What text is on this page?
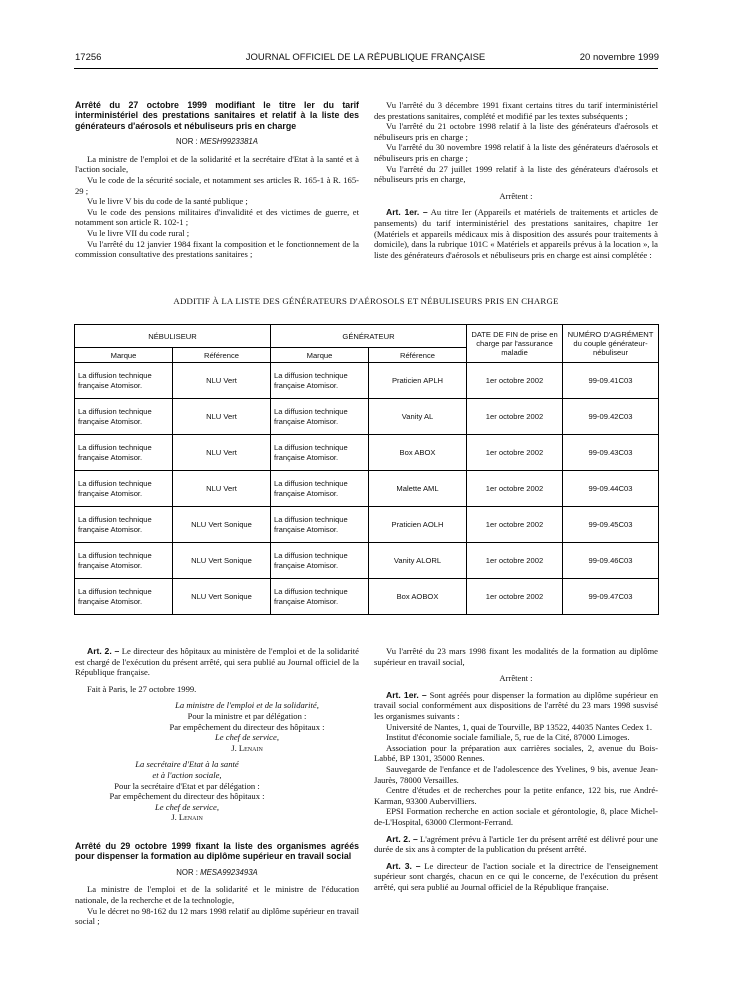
17256	JOURNAL OFFICIEL DE LA RÉPUBLIQUE FRANÇAISE	20 novembre 1999
Arrêté du 27 octobre 1999 modifiant le titre Ier du tarif interministériel des prestations sanitaires et relatif à la liste des générateurs d'aérosols et nébuliseurs pris en charge
NOR : MESH9923381A

La ministre de l'emploi et de la solidarité et la secrétaire d'Etat à la santé et à l'action sociale,

Vu le code de la sécurité sociale, et notamment ses articles R. 165-1 à R. 165-29 ;

Vu le livre V bis du code de la santé publique ;

Vu le code des pensions militaires d'invalidité et des victimes de guerre, et notamment son article R. 102-1 ;

Vu le livre VII du code rural ;

Vu l'arrêté du 12 janvier 1984 fixant la composition et le fonctionnement de la commission consultative des prestations sanitaires ;

Vu l'arrêté du 3 décembre 1991 fixant certains titres du tarif interministériel des prestations sanitaires, complété et modifié par les textes subséquents ;

Vu l'arrêté du 21 octobre 1998 relatif à la liste des générateurs d'aérosols et nébuliseurs pris en charge ;

Vu l'arrêté du 30 novembre 1998 relatif à la liste des générateurs d'aérosols et nébuliseurs pris en charge ;

Vu l'arrêté du 27 juillet 1999 relatif à la liste des générateurs d'aérosols et nébuliseurs pris en charge,

Arrêtent :

Art. 1er. – Au titre Ier (Appareils et matériels de traitements et articles de pansements) du tarif interministériel des prestations sanitaires, chapitre 1er (Matériels et appareils médicaux mis à disposition des assurés pour traitements à domicile), dans la rubrique 101C « Matériels et appareils prévus à la location », la liste des générateurs d'aérosols et nébuliseurs pris en charge est ainsi complétée :

ADDITIF À LA LISTE DES GÉNÉRATEURS D'AÉROSOLS ET NÉBULISEURS PRIS EN CHARGE
NÉBULISEUR		GÉNÉRATEUR		DATE DE FIN de prise en charge par l'assurance maladie	NUMÉRO D'AGRÉMENT du couple générateur-nébuliseur
Marque	Référence	Marque	Référence		
La diffusion technique française Atomisor.	NLU Vert	La diffusion technique française Atomisor.	Praticien APLH	1er octobre 2002	99-09.41C03
La diffusion technique française Atomisor.	NLU Vert	La diffusion technique française Atomisor.	Vanity AL	1er octobre 2002	99-09.42C03
La diffusion technique française Atomisor.	NLU Vert	La diffusion technique française Atomisor.	Box ABOX	1er octobre 2002	99-09.43C03
La diffusion technique française Atomisor.	NLU Vert	La diffusion technique française Atomisor.	Malette AML	1er octobre 2002	99-09.44C03
La diffusion technique française Atomisor.	NLU Vert Sonique	La diffusion technique française Atomisor.	Praticien AOLH	1er octobre 2002	99-09.45C03
La diffusion technique française Atomisor.	NLU Vert Sonique	La diffusion technique française Atomisor.	Vanity ALORL	1er octobre 2002	99-09.46C03
La diffusion technique française Atomisor.	NLU Vert Sonique	La diffusion technique française Atomisor.	Box AOBOX	1er octobre 2002	99-09.47C03

Art. 2. – Le directeur des hôpitaux au ministère de l'emploi et de la solidarité est chargé de l'exécution du présent arrêté, qui sera publié au Journal officiel de la République française.

Fait à Paris, le 27 octobre 1999.

La ministre de l'emploi et de la solidarité,

Pour la ministre et par délégation :

Par empêchement du directeur des hôpitaux :

Le chef de service,

J. Lenain

La secrétaire d'Etat à la santé

et à l'action sociale,

Pour la secrétaire d'Etat et par délégation :

Par empêchement du directeur des hôpitaux :

Le chef de service,

J. Lenain

Arrêté du 29 octobre 1999 fixant la liste des organismes agréés pour dispenser la formation au diplôme supérieur en travail social
NOR : MESA9923493A

La ministre de l'emploi et de la solidarité et le ministre de l'éducation nationale, de la recherche et de la technologie,

Vu le décret no 98-162 du 12 mars 1998 relatif au diplôme supérieur en travail social ;

Vu l'arrêté du 23 mars 1998 fixant les modalités de la formation au diplôme supérieur en travail social,

Arrêtent :

Art. 1er. – Sont agréés pour dispenser la formation au diplôme supérieur en travail social conformément aux dispositions de l'arrêté du 23 mars 1998 susvisé les organismes suivants :

Université de Nantes, 1, quai de Tourville, BP 13522, 44035 Nantes Cedex 1.

Institut d'économie sociale familiale, 5, rue de la Cité, 87000 Limoges.

Association pour la préparation aux carrières sociales, 2, avenue du Bois-Labbé, BP 1301, 35000 Rennes.

Sauvegarde de l'enfance et de l'adolescence des Yvelines, 9 bis, avenue Jean-Jaurès, 78000 Versailles.

Centre d'études et de recherches pour la petite enfance, 122 bis, rue André-Karman, 93300 Aubervilliers.

EPSI Formation recherche en action sociale et gérontologie, 8, place Michel-de-L'Hospital, 63000 Clermont-Ferrand.

Art. 2. – L'agrément prévu à l'article 1er du présent arrêté est délivré pour une durée de six ans à compter de la publication du présent arrêté.

Art. 3. – Le directeur de l'action sociale et la directrice de l'enseignement supérieur sont chargés, chacun en ce qui le concerne, de l'exécution du présent arrêté, qui sera publié au Journal officiel de la République française.
